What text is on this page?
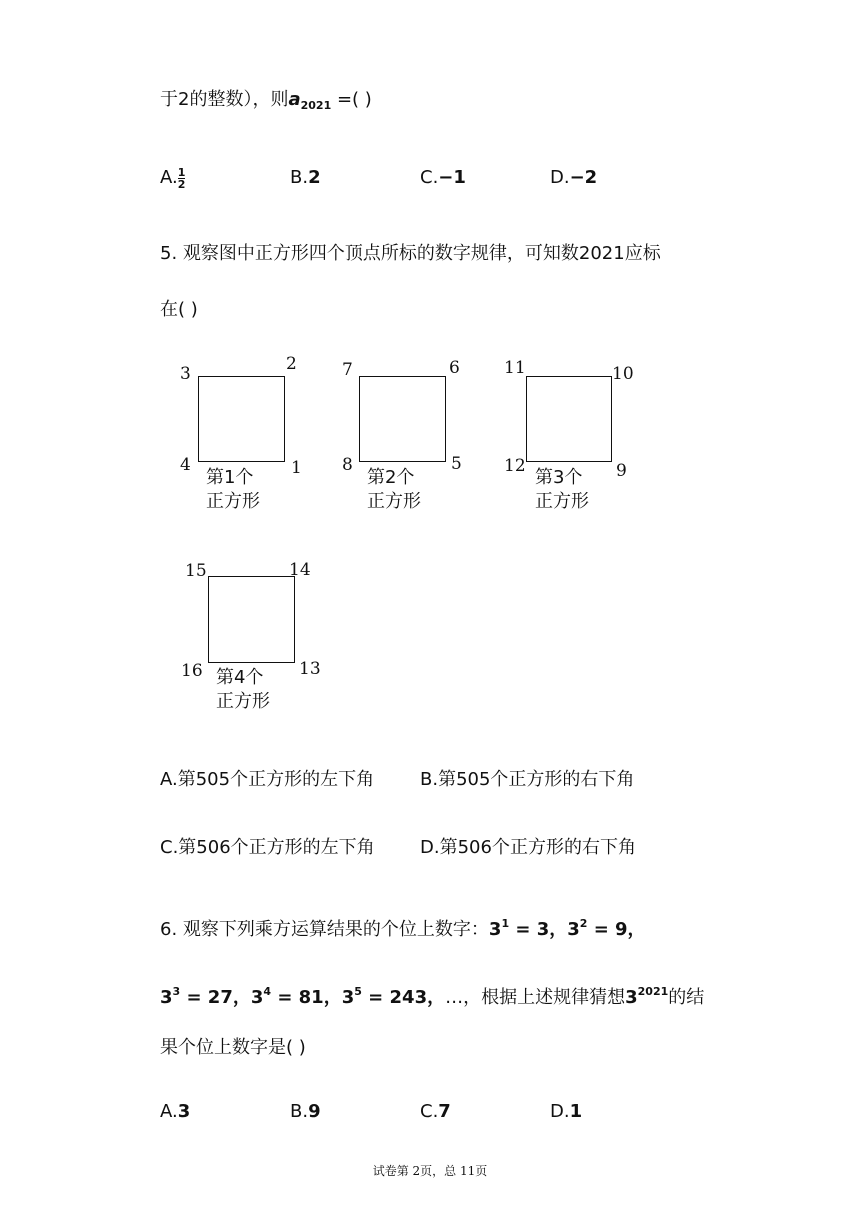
于2的整数），则$a_{2021}$ =( )
A. $\frac{1}{2}$	B.2	C.−1	D.−2
5. 观察图中正方形四个顶点所标的数字规律，可知数2021应标
在( )
3	2
4	1
第1个
正方形
7	6
8	5
第2个
正方形
11	10
12	9
第3个
正方形
15	14
16	13
第4个
正方形
A.第505个正方形的左下角	B.第505个正方形的右下角
C.第506个正方形的左下角	D.第506个正方形的右下角
6. 观察下列乘方运算结果的个位上数字：$3^1 = 3$，$3^2 = 9$，
$3^3 = 27$，$3^4 = 81$，$3^5 = 243$，…，根据上述规律猜想$3^{2021}$的结
果个位上数字是( )
A.3	B.9	C.7	D.1
试卷第 2页，总 11页
